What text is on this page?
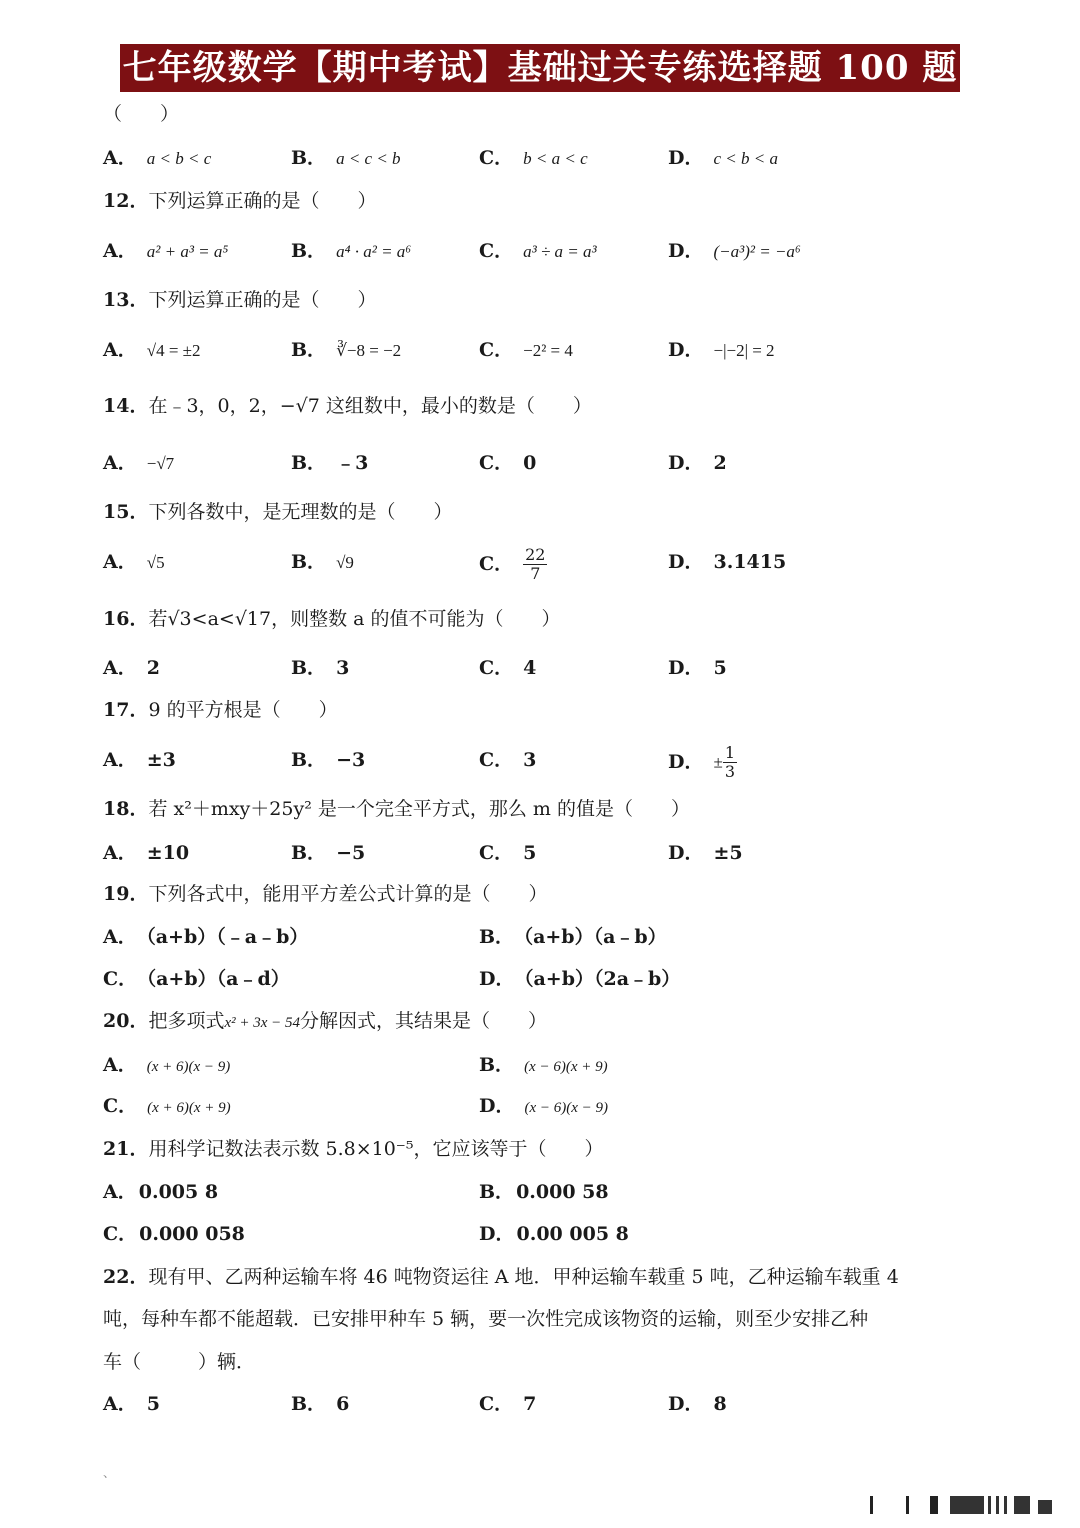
七年级数学【期中考试】基础过关专练选择题 100 题
（　　）
A． a < b < c	B． a < c < b	C． b < a < c	D． c < b < a
12．下列运算正确的是（　　）
A． a² + a³ = a⁵	B． a⁴ · a² = a⁶	C． a³ ÷ a = a³	D． (−a³)² = −a⁶
13．下列运算正确的是（　　）
A． √4 = ±2	B． ∛−8 = −2	C． −2² = 4	D． −|−2| = 2
14．在﹣3，0，2，−√7 这组数中，最小的数是（　　）
A． −√7	B． ﹣3	C． 0	D． 2
15．下列各数中，是无理数的是（　　）
A． √5	B． √9	C． $\frac{22}{7}$	D． 3.1415
16．若√3<a<√17，则整数 a 的值不可能为（　　）
A． 2	B． 3	C． 4	D． 5
17．9 的平方根是（　　）
A． ±3	B． −3	C． 3	D． ± $\frac{1}{3}$
18．若 x²＋mxy＋25y² 是一个完全平方式，那么 m 的值是（　　）
A． ±10	B． −5	C． 5	D． ±5
19．下列各式中，能用平方差公式计算的是（　　）
A．（a+b）（﹣a﹣b）	B．（a+b）（a﹣b）
C．（a+b）（a﹣d）	D．（a+b）（2a﹣b）
20．把多项式x² + 3x − 54分解因式，其结果是（　　）
A． (x + 6)(x − 9)	B． (x − 6)(x + 9)
C． (x + 6)(x + 9)	D． (x − 6)(x − 9)
21．用科学记数法表示数 5.8×10⁻⁵，它应该等于（　　）
A． 0.005 8	B． 0.000 58
C． 0.000 058	D． 0.00 005 8
22．现有甲、乙两种运输车将 46 吨物资运往 A 地．甲种运输车载重 5 吨，乙种运输车载重 4
吨，每种车都不能超载．已安排甲种车 5 辆，要一次性完成该物资的运输，则至少安排乙种
车（　　　）辆．
A． 5	B． 6	C． 7	D． 8
、
